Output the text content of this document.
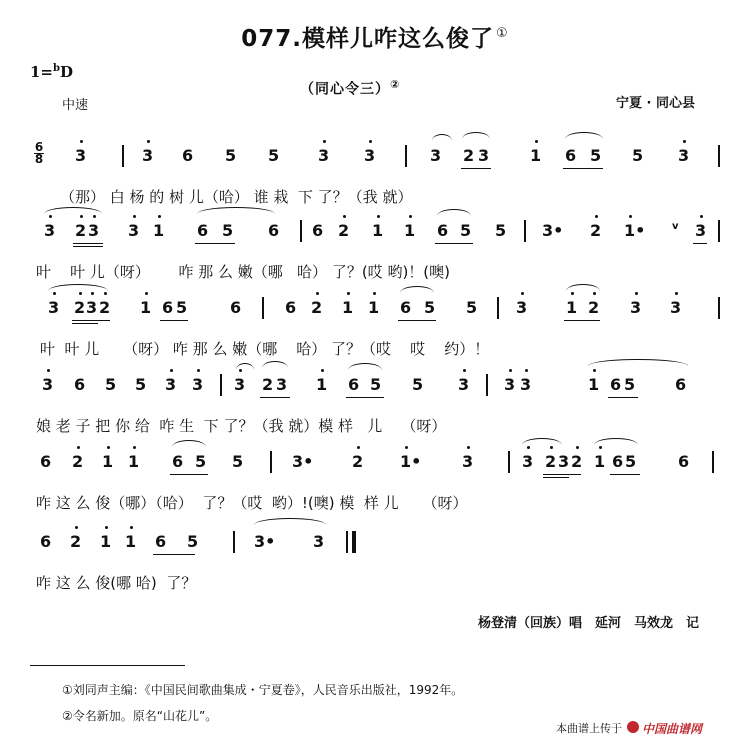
077.模样儿咋这么俊了 ①
1=$^b$D
（同心令三）②
中速	宁夏 · 同心县
6
8 3	3 6 5 5 3 3	3 2 3	1 6 5 5 3
（那） 白 杨 的 树 儿（哈） 谁 栽  下 了？（我 就）
3 2 3 3 1 6 5 6 6 2 1 1 6 5 5 3• 2 1•	v 3
叶    叶 儿（呀）      咋 那 么 嫩（哪   哈） 了？(哎 哟)！(噢)
3 2 3 2 1 6 5	6	6 2 1 1 6 5 5 3 1 2 3 3
叶  叶 儿     （呀） 咋 那 么 嫩（哪    哈） 了？（哎    哎    约）！
3 6 5 5 3 3 3 2 3 1 6 5 5 3 3 3	1 6 5 6
娘 老 子 把 你 给  咋 生  下 了？（我 就）模 样   儿    （呀）
6 2 1 1 6 5 5	3• 2 1•	3	3 2 3 2 1 6 5	6
咋 这 么 俊（哪）（哈）  了？（哎  哟）!(噢) 模  样 儿     （呀）
6 2 1 1 6 5	3• 3
咋 这 么 俊(哪 哈)  了？
杨登清（回族）唱　延河　马效龙　记
①刘同声主编：《中国民间歌曲集成・宁夏卷》，人民音乐出版社，1992年。
②令名新加。原名“山花儿”。
本曲谱上传于 中国曲谱网
